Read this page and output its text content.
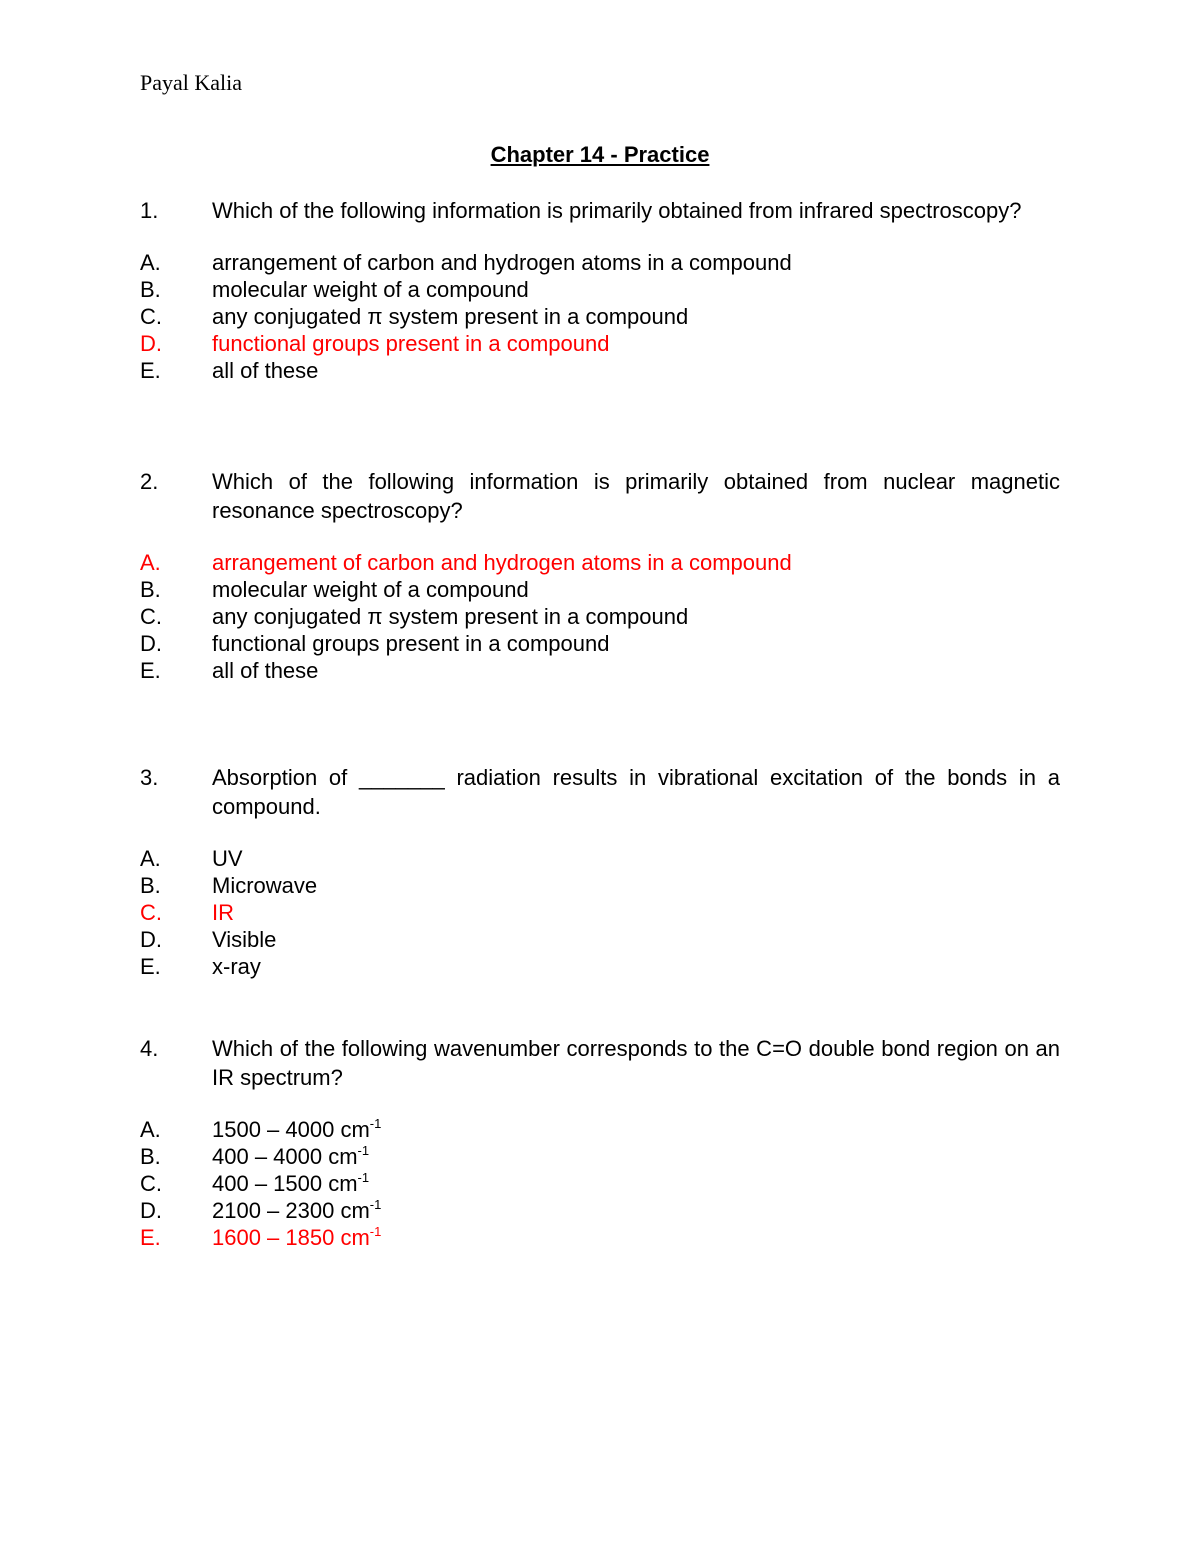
Payal Kalia
Chapter 14 - Practice
1.	Which of the following information is primarily obtained from infrared spectroscopy?
A.	arrangement of carbon and hydrogen atoms in a compound
B.	molecular weight of a compound
C.	any conjugated π system present in a compound
D.	functional groups present in a compound
E.	all of these
2.	Which of the following information is primarily obtained from nuclear magnetic resonance spectroscopy?
A.	arrangement of carbon and hydrogen atoms in a compound
B.	molecular weight of a compound
C.	any conjugated π system present in a compound
D.	functional groups present in a compound
E.	all of these
3.	Absorption of _______ radiation results in vibrational excitation of the bonds in a compound.
A.	UV
B.	Microwave
C.	IR
D.	Visible
E.	x-ray
4.	Which of the following wavenumber corresponds to the C=O double bond region on an IR spectrum?
A.	1500 – 4000 $cm^{-1}$
B.	400 – 4000 $cm^{-1}$
C.	400 – 1500 $cm^{-1}$
D.	2100 – 2300 $cm^{-1}$
E.	1600 – 1850 $cm^{-1}$
